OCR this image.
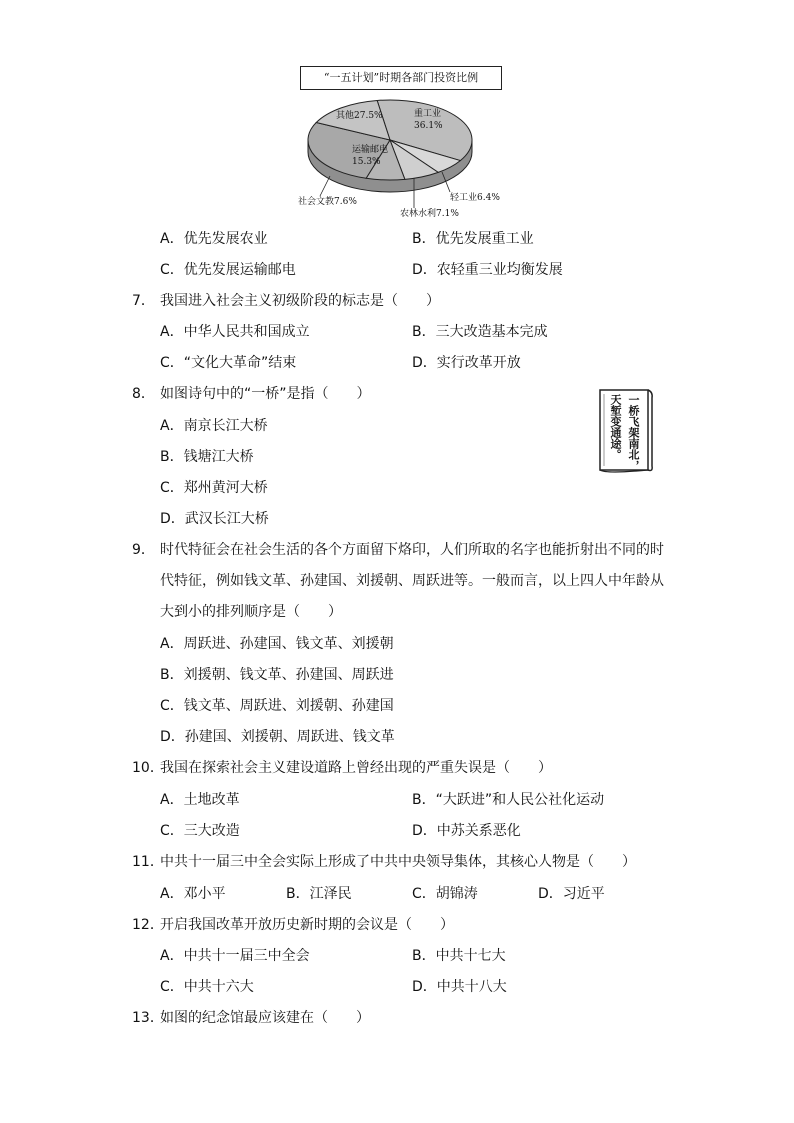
“一五计划”时期各部门投资比例
重工业
36.1%
其他27.5%
运输邮电
15.3%
轻工业6.4%
农林水利7.1%
社会文教7.6%
A．优先发展农业	B．优先发展重工业
C．优先发展运输邮电	D．农轻重三业均衡发展
7． 我国进入社会主义初级阶段的标志是（　　）
A．中华人民共和国成立	B．三大改造基本完成
C．“文化大革命”结束	D．实行改革开放
8． 如图诗句中的“一桥”是指（　　）
A．南京长江大桥
B．钱塘江大桥
C．郑州黄河大桥
D．武汉长江大桥
一桥飞架南北，
天堑变通途。
9． 时代特征会在社会生活的各个方面留下烙印，人们所取的名字也能折射出不同的时
代特征，例如钱文革、孙建国、刘援朝、周跃进等。一般而言，以上四人中年龄从
大到小的排列顺序是（　　）
A．周跃进、孙建国、钱文革、刘援朝
B．刘援朝、钱文革、孙建国、周跃进
C．钱文革、周跃进、刘援朝、孙建国
D．孙建国、刘援朝、周跃进、钱文革
10．
我国在探索社会主义建设道路上曾经出现的严重失误是（　　）
A．土地改革	B．“大跃进”和人民公社化运动
C．三大改造	D．中苏关系恶化
11．
中共十一届三中全会实际上形成了中共中央领导集体，其核心人物是（　　）
A．邓小平	B．江泽民	C．胡锦涛	D．习近平
12．
开启我国改革开放历史新时期的会议是（　　）
A．中共十一届三中全会	B．中共十七大
C．中共十六大	D．中共十八大
13．
如图的纪念馆最应该建在（　　）
